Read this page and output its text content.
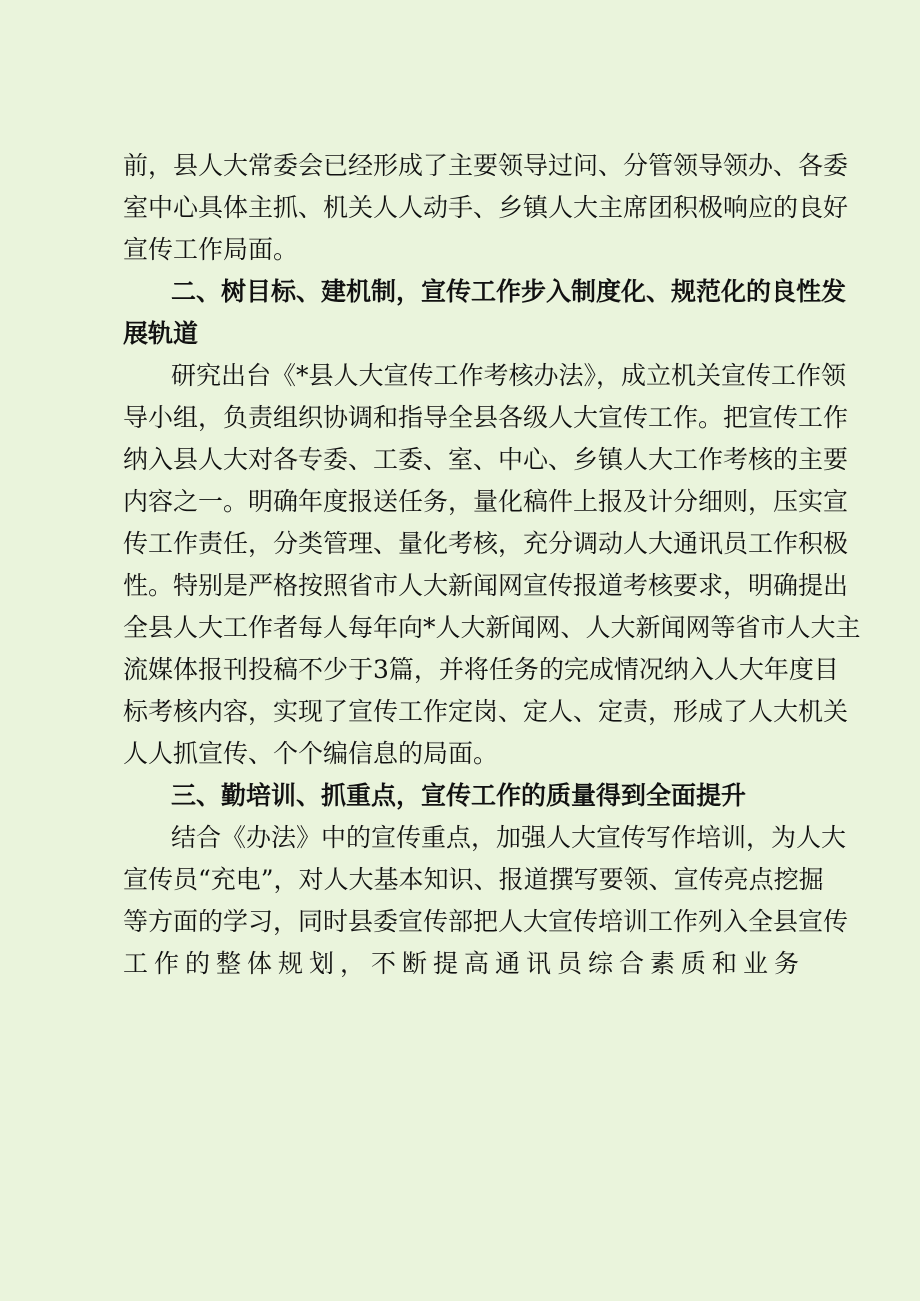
前，县人大常委会已经形成了主要领导过问、分管领导领办、各委
室中心具体主抓、机关人人动手、乡镇人大主席团积极响应的良好
宣传工作局面。
二、树目标、建机制，宣传工作步入制度化、规范化的良性发
展轨道
研究出台《*县人大宣传工作考核办法》，成立机关宣传工作领
导小组，负责组织协调和指导全县各级人大宣传工作。把宣传工作
纳入县人大对各专委、工委、室、中心、乡镇人大工作考核的主要
内容之一。明确年度报送任务，量化稿件上报及计分细则，压实宣
传工作责任，分类管理、量化考核，充分调动人大通讯员工作积极
性。特别是严格按照省市人大新闻网宣传报道考核要求，明确提出
全县人大工作者每人每年向*人大新闻网、人大新闻网等省市人大主
流媒体报刊投稿不少于3篇，并将任务的完成情况纳入人大年度目
标考核内容，实现了宣传工作定岗、定人、定责，形成了人大机关
人人抓宣传、个个编信息的局面。
三、勤培训、抓重点，宣传工作的质量得到全面提升
结合《办法》中的宣传重点，加强人大宣传写作培训，为人大
宣传员“充电”，对人大基本知识、报道撰写要领、宣传亮点挖掘
等方面的学习，同时县委宣传部把人大宣传培训工作列入全县宣传
工作的整体规划，不断提高通讯员综合素质和业务
